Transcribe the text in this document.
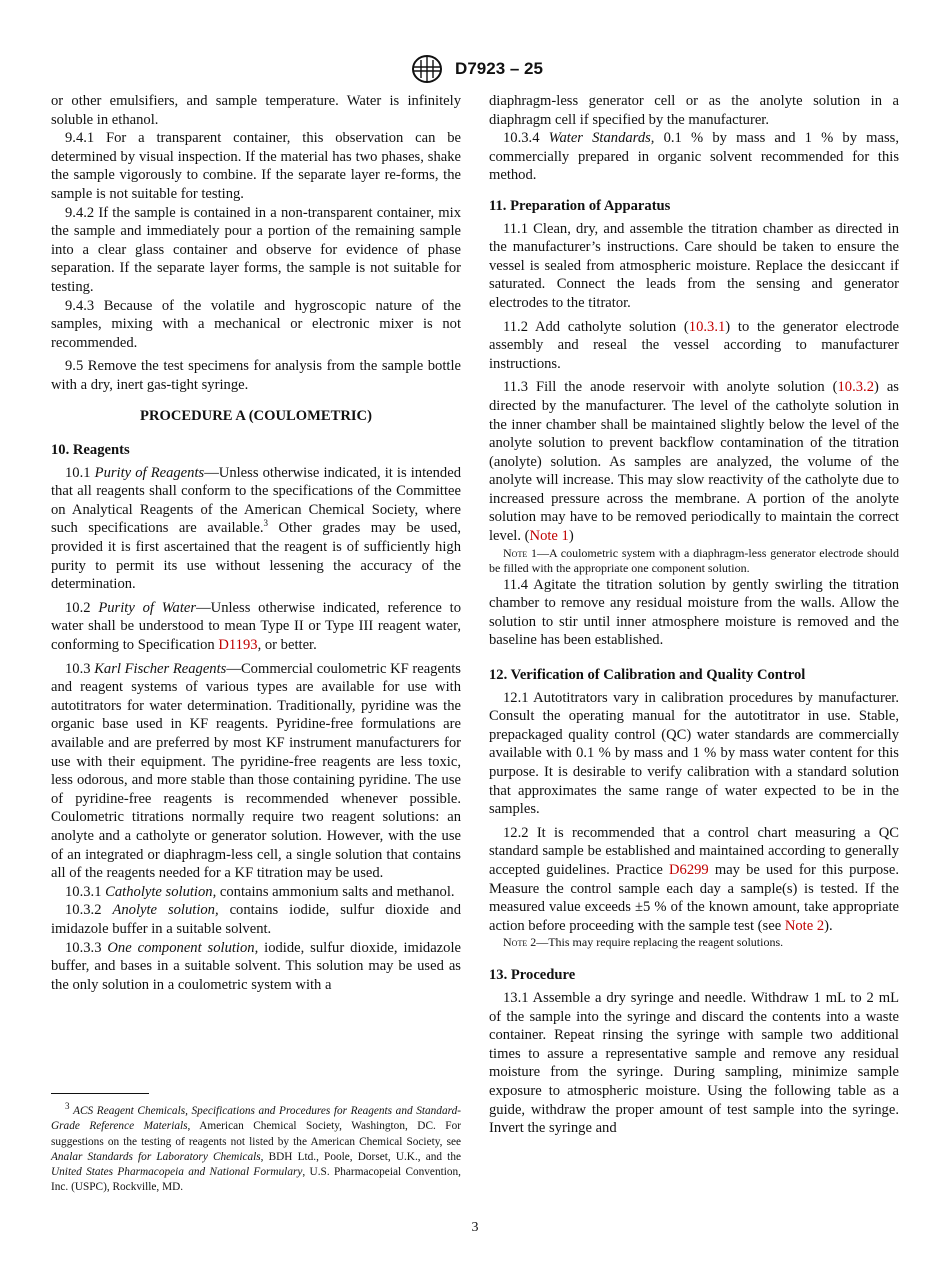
D7923 – 25

or other emulsifiers, and sample temperature. Water is infinitely soluble in ethanol.

9.4.1 For a transparent container, this observation can be determined by visual inspection. If the material has two phases, shake the sample vigorously to combine. If the separate layer re-forms, the sample is not suitable for testing.

9.4.2 If the sample is contained in a non-transparent container, mix the sample and immediately pour a portion of the remaining sample into a clear glass container and observe for evidence of phase separation. If the separate layer forms, the sample is not suitable for testing.

9.4.3 Because of the volatile and hygroscopic nature of the samples, mixing with a mechanical or electronic mixer is not recommended.

9.5 Remove the test specimens for analysis from the sample bottle with a dry, inert gas-tight syringe.

PROCEDURE A (COULOMETRIC)
10. Reagents

10.1 Purity of Reagents—Unless otherwise indicated, it is intended that all reagents shall conform to the specifications of the Committee on Analytical Reagents of the American Chemical Society, where such specifications are available.$^3$ Other grades may be used, provided it is first ascertained that the reagent is of sufficiently high purity to permit its use without lessening the accuracy of the determination.

10.2 Purity of Water—Unless otherwise indicated, reference to water shall be understood to mean Type II or Type III reagent water, conforming to Specification D1193, or better.

10.3 Karl Fischer Reagents—Commercial coulometric KF reagents and reagent systems of various types are available for use with autotitrators for water determination. Traditionally, pyridine was the organic base used in KF reagents. Pyridine-free formulations are available and are preferred by most KF instrument manufacturers for use with their equipment. The pyridine-free reagents are less toxic, less odorous, and more stable than those containing pyridine. The use of pyridine-free reagents is recommended whenever possible. Coulometric titrations normally require two reagent solutions: an anolyte and a catholyte or generator solution. However, with the use of an integrated or diaphragm-less cell, a single solution that contains all of the reagents needed for a KF titration may be used.

10.3.1 Catholyte solution, contains ammonium salts and methanol.

10.3.2 Anolyte solution, contains iodide, sulfur dioxide and imidazole buffer in a suitable solvent.

10.3.3 One component solution, iodide, sulfur dioxide, imidazole buffer, and bases in a suitable solvent. This solution may be used as the only solution in a coulometric system with a

diaphragm-less generator cell or as the anolyte solution in a diaphragm cell if specified by the manufacturer.

10.3.4 Water Standards, 0.1 % by mass and 1 % by mass, commercially prepared in organic solvent recommended for this method.

11. Preparation of Apparatus

11.1 Clean, dry, and assemble the titration chamber as directed in the manufacturer’s instructions. Care should be taken to ensure the vessel is sealed from atmospheric moisture. Replace the desiccant if saturated. Connect the leads from the sensing and generator electrodes to the titrator.

11.2 Add catholyte solution (10.3.1) to the generator electrode assembly and reseal the vessel according to manufacturer instructions.

11.3 Fill the anode reservoir with anolyte solution (10.3.2) as directed by the manufacturer. The level of the catholyte solution in the inner chamber shall be maintained slightly below the level of the anolyte solution to prevent backflow contamination of the titration (anolyte) solution. As samples are analyzed, the volume of the anolyte will increase. This may slow reactivity of the catholyte due to increased pressure across the membrane. A portion of the anolyte solution may have to be removed periodically to maintain the correct level. (Note 1)

Note 1—A coulometric system with a diaphragm-less generator electrode should be filled with the appropriate one component solution.

11.4 Agitate the titration solution by gently swirling the titration chamber to remove any residual moisture from the walls. Allow the solution to stir until inner atmosphere moisture is removed and the baseline has been established.

12. Verification of Calibration and Quality Control

12.1 Autotitrators vary in calibration procedures by manufacturer. Consult the operating manual for the autotitrator in use. Stable, prepackaged quality control (QC) water standards are commercially available with 0.1 % by mass and 1 % by mass water content for this purpose. It is desirable to verify calibration with a standard solution that approximates the same range of water expected to be in the samples.

12.2 It is recommended that a control chart measuring a QC standard sample be established and maintained according to generally accepted guidelines. Practice D6299 may be used for this purpose. Measure the control sample each day a sample(s) is tested. If the measured value exceeds ±5 % of the known amount, take appropriate action before proceeding with the sample test (see Note 2).

Note 2—This may require replacing the reagent solutions.

13. Procedure

13.1 Assemble a dry syringe and needle. Withdraw 1 mL to 2 mL of the sample into the syringe and discard the contents into a waste container. Repeat rinsing the syringe with sample two additional times to assure a representative sample and remove any residual moisture from the syringe. During sampling, minimize sample exposure to atmospheric moisture. Using the following table as a guide, withdraw the proper amount of test sample into the syringe. Invert the syringe and

$^3$ ACS Reagent Chemicals, Specifications and Procedures for Reagents and Standard-Grade Reference Materials, American Chemical Society, Washington, DC. For suggestions on the testing of reagents not listed by the American Chemical Society, see Analar Standards for Laboratory Chemicals, BDH Ltd., Poole, Dorset, U.K., and the United States Pharmacopeia and National Formulary, U.S. Pharmacopeial Convention, Inc. (USPC), Rockville, MD.
3
